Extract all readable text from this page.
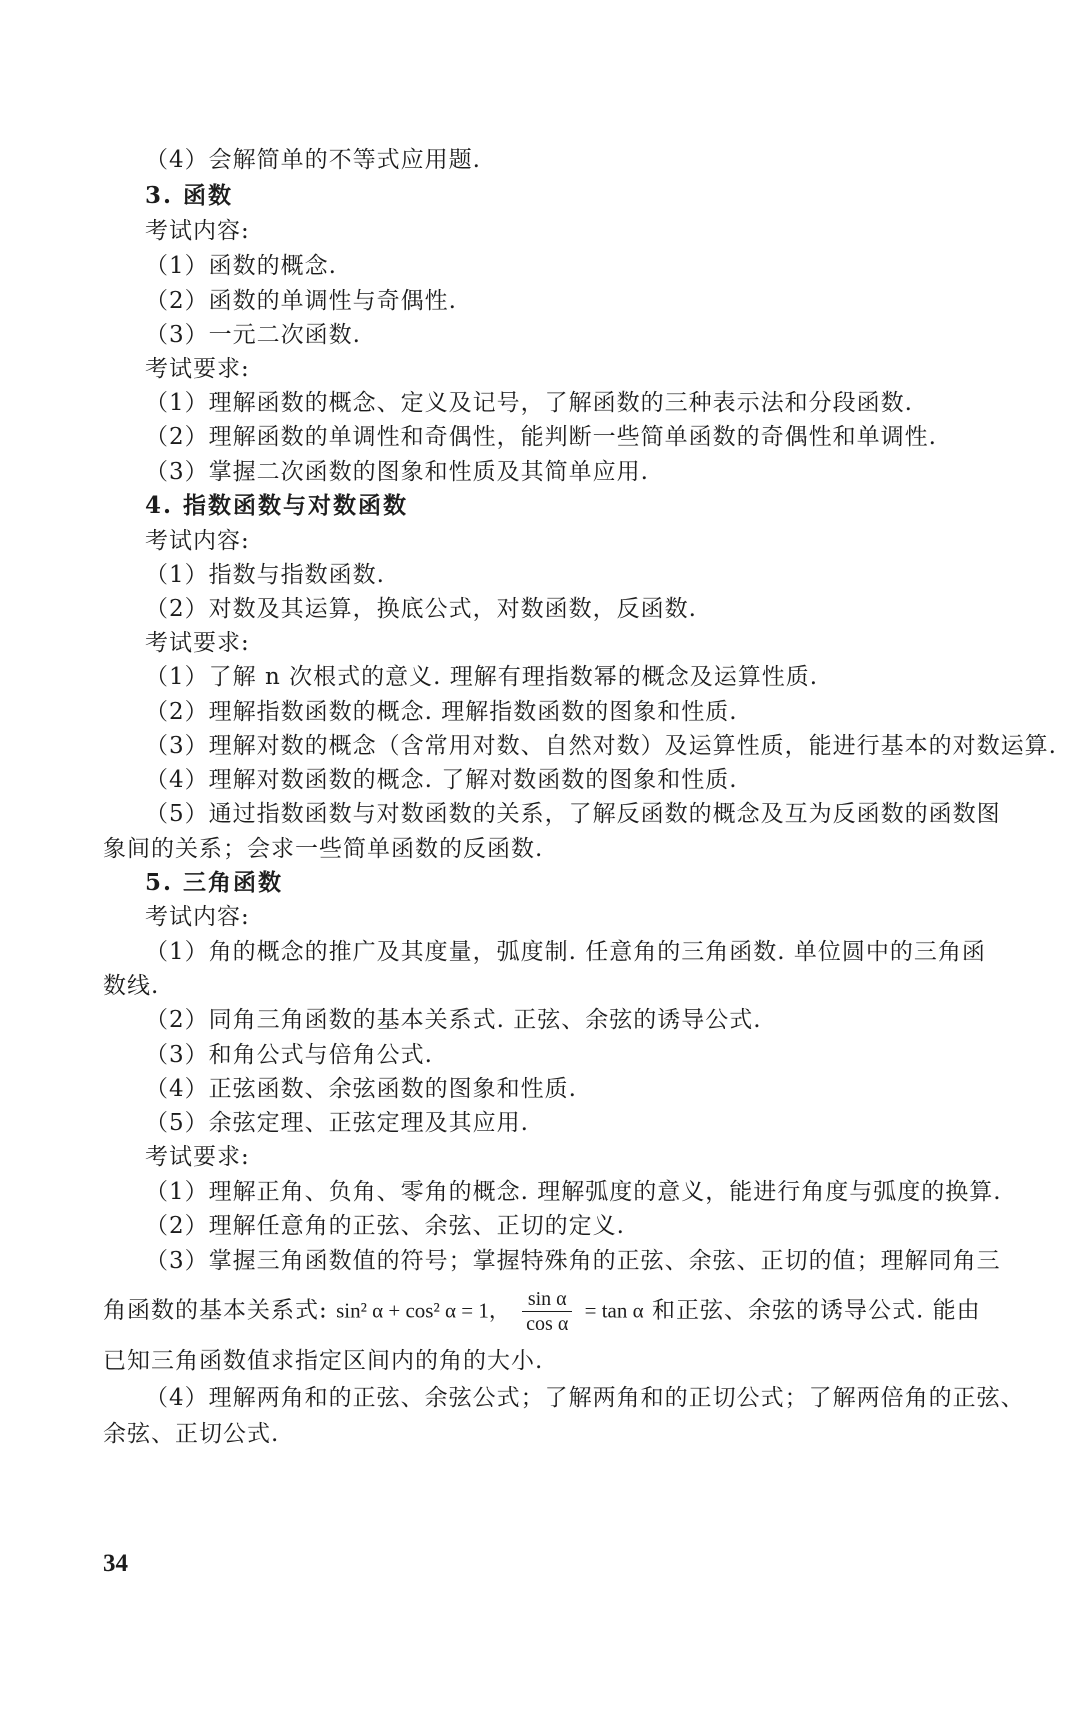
（4）会解简单的不等式应用题.
3. 函数
考试内容:
（1）函数的概念.
（2）函数的单调性与奇偶性.
（3）一元二次函数.
考试要求:
（1）理解函数的概念、定义及记号，了解函数的三种表示法和分段函数.
（2）理解函数的单调性和奇偶性，能判断一些简单函数的奇偶性和单调性.
（3）掌握二次函数的图象和性质及其简单应用.
4. 指数函数与对数函数
考试内容:
（1）指数与指数函数.
（2）对数及其运算，换底公式，对数函数，反函数.
考试要求:
（1）了解 n 次根式的意义. 理解有理指数幂的概念及运算性质.
（2）理解指数函数的概念. 理解指数函数的图象和性质.
（3）理解对数的概念（含常用对数、自然对数）及运算性质，能进行基本的对数运算.
（4）理解对数函数的概念. 了解对数函数的图象和性质.
（5）通过指数函数与对数函数的关系，了解反函数的概念及互为反函数的函数图
象间的关系；会求一些简单函数的反函数.
5. 三角函数
考试内容:
（1）角的概念的推广及其度量，弧度制. 任意角的三角函数. 单位圆中的三角函
数线.
（2）同角三角函数的基本关系式. 正弦、余弦的诱导公式.
（3）和角公式与倍角公式.
（4）正弦函数、余弦函数的图象和性质.
（5）余弦定理、正弦定理及其应用.
考试要求:
（1）理解正角、负角、零角的概念. 理解弧度的意义，能进行角度与弧度的换算.
（2）理解任意角的正弦、余弦、正切的定义.
（3）掌握三角函数值的符号；掌握特殊角的正弦、余弦、正切的值；理解同角三
角函数的基本关系式: sin² α + cos² α = 1， $\frac{\text{sin α}}{\text{cos α}} = \tan \alpha$ 和正弦、余弦的诱导公式. 能由
已知三角函数值求指定区间内的角的大小.
（4）理解两角和的正弦、余弦公式；了解两角和的正切公式；了解两倍角的正弦、
余弦、正切公式.
34
